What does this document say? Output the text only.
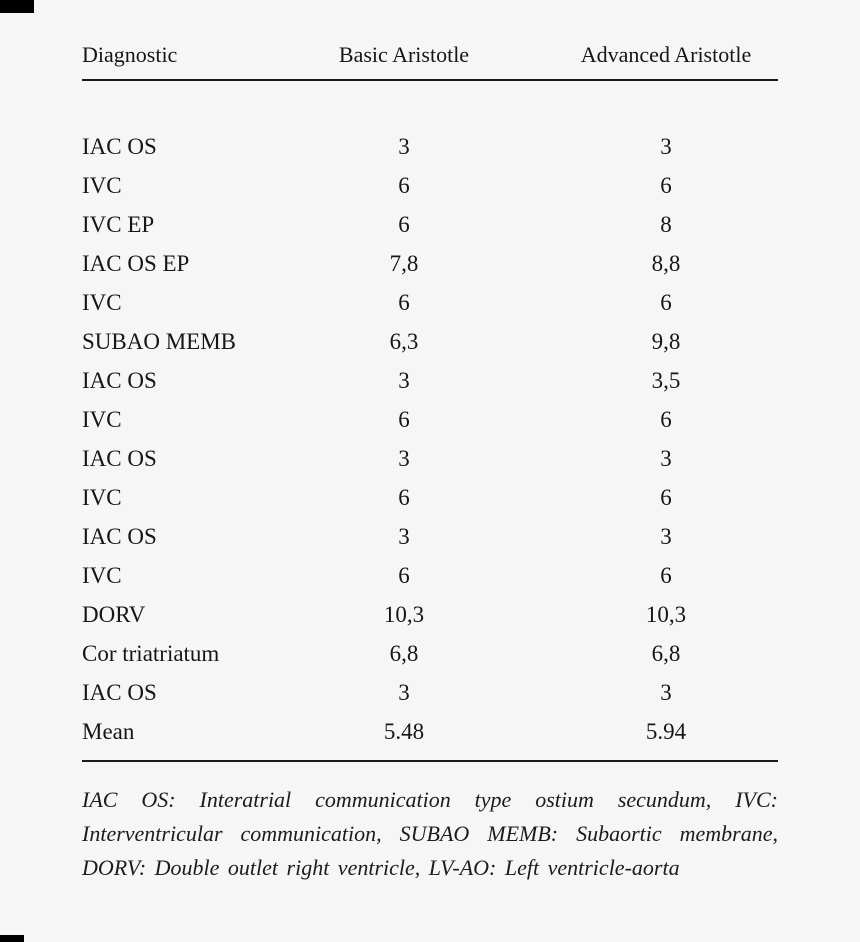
Diagnostic	Basic Aristotle	Advanced Aristotle
IAC OS	3	3
IVC	6	6
IVC EP	6	8
IAC OS EP	7,8	8,8
IVC	6	6
SUBAO MEMB	6,3	9,8
IAC OS	3	3,5
IVC	6	6
IAC OS	3	3
IVC	6	6
IAC OS	3	3
IVC	6	6
DORV	10,3	10,3
Cor triatriatum	6,8	6,8
IAC OS	3	3
Mean	5.48	5.94

IAC OS: Interatrial communication type ostium secundum, IVC: Interventricular communication, SUBAO MEMB: Subaortic membrane, DORV: Double outlet right ventricle, LV-AO: Left ventricle-aorta
